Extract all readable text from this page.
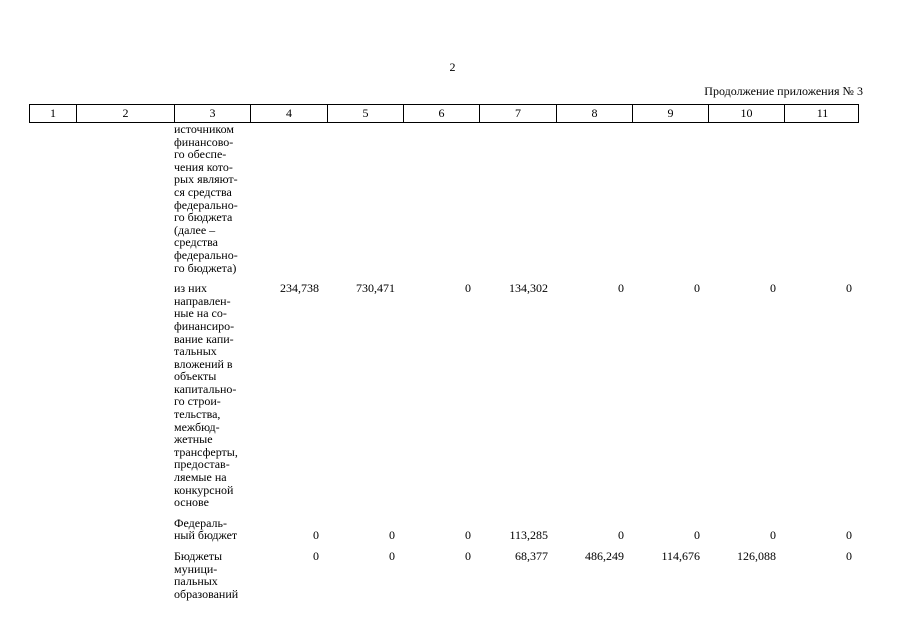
2
Продолжение приложения № 3
1	2	3	4	5	6	7	8	9	10	11
источником
финансово-
го обеспе-
чения кото-
рых являют-
ся средства
федерально-
го бюджета
(далее –
средства
федерально-
го бюджета)
из них
направлен-
ные на со-
финансиро-
вание капи-
тальных
вложений в
объекты
капитально-
го строи-
тельства,
межбюд-
жетные
трансферты,
предостав-
ляемые на
конкурсной
основе
234,738	730,471	0	134,302	0	0	0	0
Федераль-
ный бюджет	0	0	0	113,285	0	0	0	0
Бюджеты
муници-
пальных
образований
0	0	0	68,377	486,249	114,676	126,088	0
